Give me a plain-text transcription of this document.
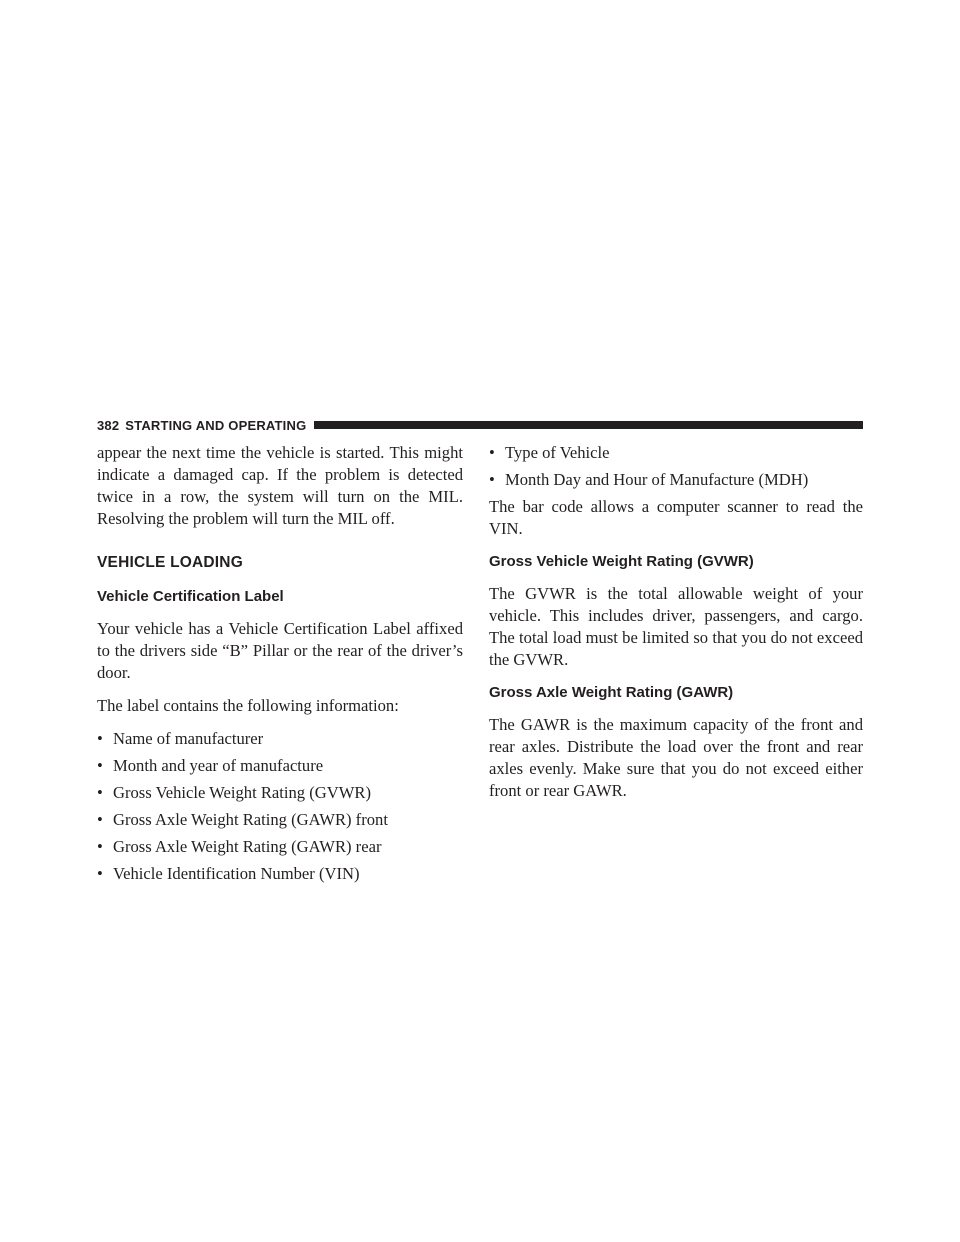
382 STARTING AND OPERATING

appear the next time the vehicle is started. This might indicate a damaged cap. If the problem is detected twice in a row, the system will turn on the MIL. Resolving the problem will turn the MIL off.

VEHICLE LOADING
Vehicle Certification Label

Your vehicle has a Vehicle Certification Label affixed to the drivers side “B” Pillar or the rear of the driver’s door.

The label contains the following information:

• Name of manufacturer
• Month and year of manufacture
• Gross Vehicle Weight Rating (GVWR)
• Gross Axle Weight Rating (GAWR) front
• Gross Axle Weight Rating (GAWR) rear
• Vehicle Identification Number (VIN)
• Type of Vehicle
• Month Day and Hour of Manufacture (MDH)

The bar code allows a computer scanner to read the VIN.

Gross Vehicle Weight Rating (GVWR)

The GVWR is the total allowable weight of your vehicle. This includes driver, passengers, and cargo. The total load must be limited so that you do not exceed the GVWR.

Gross Axle Weight Rating (GAWR)

The GAWR is the maximum capacity of the front and rear axles. Distribute the load over the front and rear axles evenly. Make sure that you do not exceed either front or rear GAWR.
